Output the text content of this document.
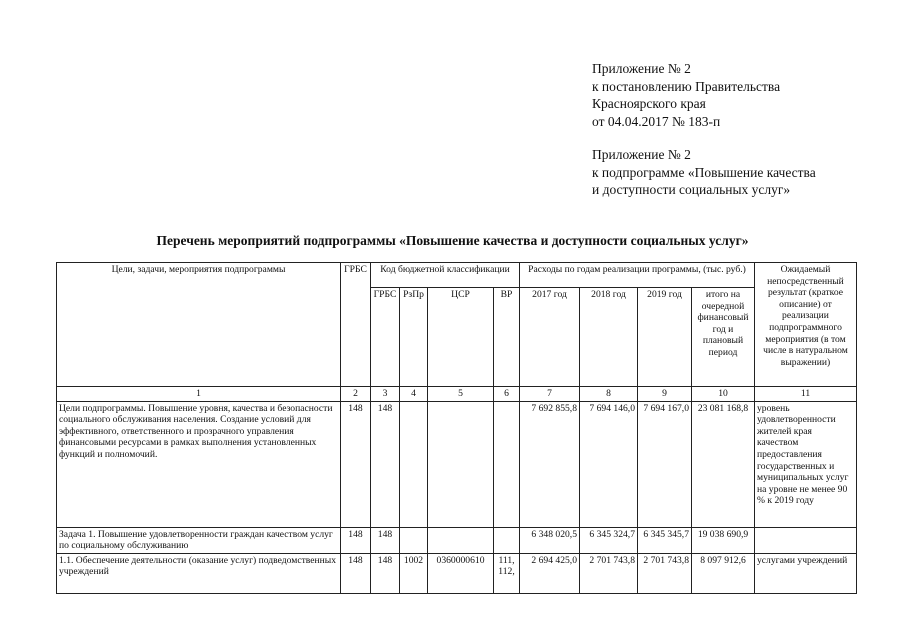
Приложение № 2
к постановлению Правительства
Красноярского края
от 04.04.2017 № 183-п
Приложение № 2
к подпрограмме «Повышение качества
и доступности социальных услуг»
Перечень мероприятий подпрограммы «Повышение качества и доступности социальных услуг»
Цели, задачи, мероприятия подпрограммы	ГРБС	Код бюджетной классификации				Расходы по годам реализации программы, (тыс. руб.)				Ожидаемый непосредственный результат (краткое описание) от реализации подпрограммного мероприятия (в том числе в натуральном выражении)
		ГРБС	РзПр	ЦСР	ВР	2017 год	2018 год	2019 год	итого на очередной финансовый год и плановый период	
1	2	3	4	5	6	7	8	9	10	11
Цели подпрограммы. Повышение уровня, качества и безопасности социального обслуживания населения. Создание условий для эффективного, ответственного и прозрачного управления финансовыми ресурсами в рамках выполнения установленных функций и полномочий.	148	148				7 692 855,8	7 694 146,0	7 694 167,0	23 081 168,8	уровень удовлетворенности жителей края качеством предоставления государственных и муниципальных услуг на уровне не менее 90 % к 2019 году
Задача 1. Повышение удовлетворенности граждан качеством услуг по социальному обслуживанию	148	148				6 348 020,5	6 345 324,7	6 345 345,7	19 038 690,9	
1.1. Обеспечение деятельности (оказание услуг) подведомственных учреждений	148	148	1002	0360000610	111, 112,	2 694 425,0	2 701 743,8	2 701 743,8	8 097 912,6	услугами учреждений
